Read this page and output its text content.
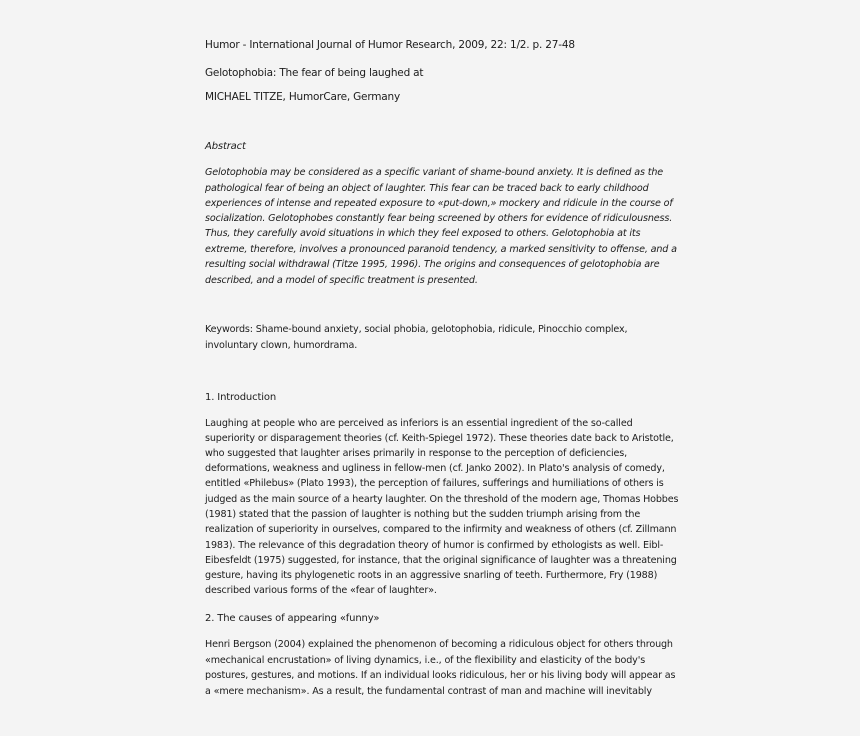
Humor - International Journal of Humor Research, 2009, 22: 1/2. p. 27-48
Gelotophobia: The fear of being laughed at
MICHAEL TITZE, HumorCare, Germany
Abstract
Gelotophobia may be considered as a specific variant of shame-bound anxiety. It is defined as the
pathological fear of being an object of laughter. This fear can be traced back to early childhood
experiences of intense and repeated exposure to «put-down,» mockery and ridicule in the course of
socialization. Gelotophobes constantly fear being screened by others for evidence of ridiculousness.
Thus, they carefully avoid situations in which they feel exposed to others. Gelotophobia at its
extreme, therefore, involves a pronounced paranoid tendency, a marked sensitivity to offense, and a
resulting social withdrawal (Titze 1995, 1996). The origins and consequences of gelotophobia are
described, and a model of specific treatment is presented.
Keywords: Shame-bound anxiety, social phobia, gelotophobia, ridicule, Pinocchio complex,
involuntary clown, humordrama.
1. Introduction
Laughing at people who are perceived as inferiors is an essential ingredient of the so-called
superiority or disparagement theories (cf. Keith-Spiegel 1972). These theories date back to Aristotle,
who suggested that laughter arises primarily in response to the perception of deficiencies,
deformations, weakness and ugliness in fellow-men (cf. Janko 2002). In Plato's analysis of comedy,
entitled «Philebus» (Plato 1993), the perception of failures, sufferings and humiliations of others is
judged as the main source of a hearty laughter. On the threshold of the modern age, Thomas Hobbes
(1981) stated that the passion of laughter is nothing but the sudden triumph arising from the
realization of superiority in ourselves, compared to the infirmity and weakness of others (cf. Zillmann
1983). The relevance of this degradation theory of humor is confirmed by ethologists as well. Eibl-
Eibesfeldt (1975) suggested, for instance, that the original significance of laughter was a threatening
gesture, having its phylogenetic roots in an aggressive snarling of teeth. Furthermore, Fry (1988)
described various forms of the «fear of laughter».
2. The causes of appearing «funny»
Henri Bergson (2004) explained the phenomenon of becoming a ridiculous object for others through
«mechanical encrustation» of living dynamics, i.e., of the flexibility and elasticity of the body's
postures, gestures, and motions. If an individual looks ridiculous, her or his living body will appear as
a «mere mechanism». As a result, the fundamental contrast of man and machine will inevitably
